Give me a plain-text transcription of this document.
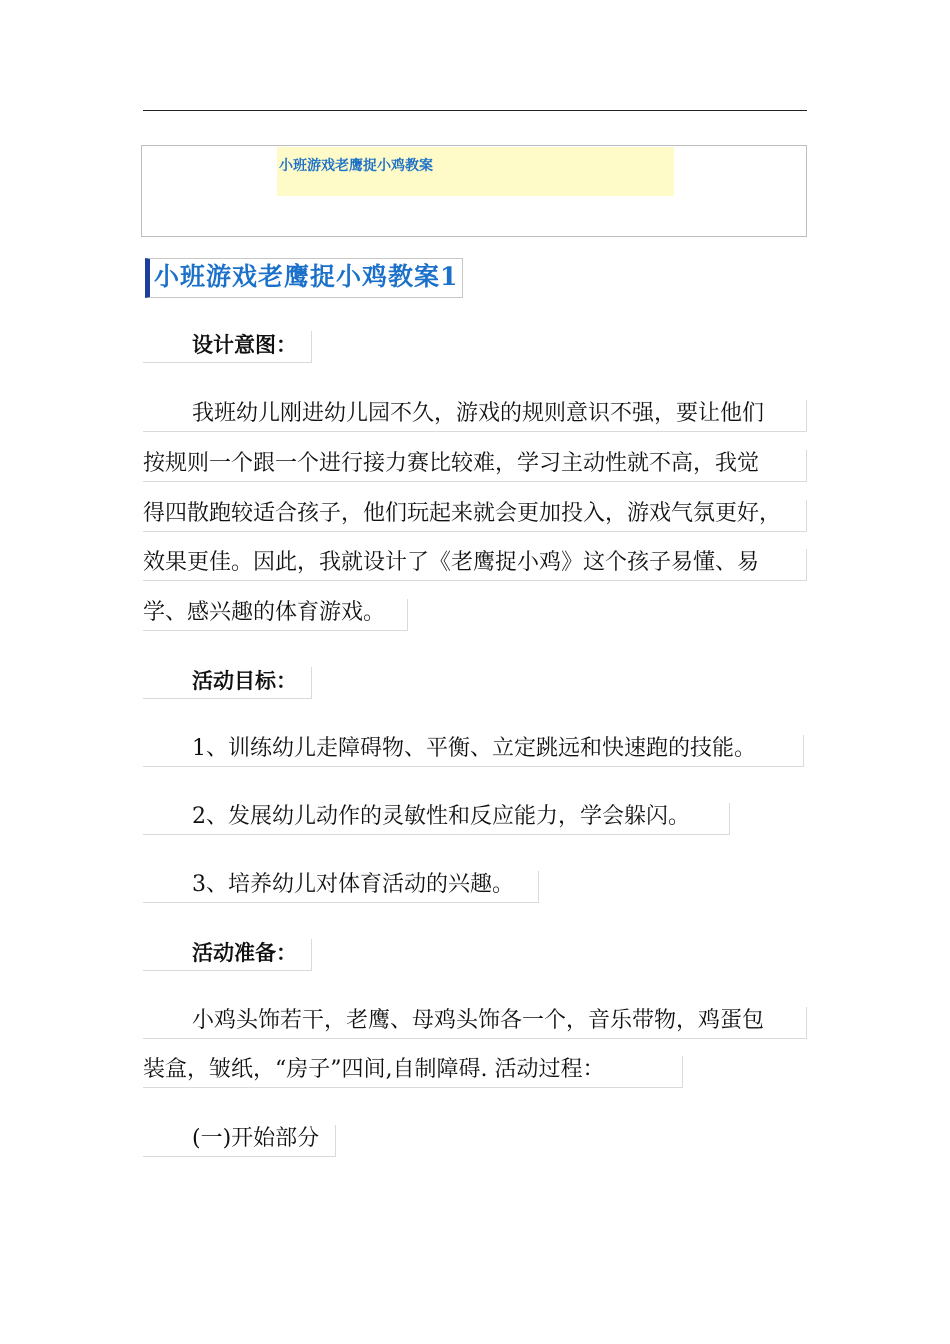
小班游戏老鹰捉小鸡教案
小班游戏老鹰捉小鸡教案1
设计意图：
我班幼儿刚进幼儿园不久，游戏的规则意识不强，要让他们
按规则一个跟一个进行接力赛比较难，学习主动性就不高，我觉
得四散跑较适合孩子，他们玩起来就会更加投入，游戏气氛更好，
效果更佳。因此，我就设计了《老鹰捉小鸡》这个孩子易懂、易
学、感兴趣的体育游戏。
活动目标：
1、训练幼儿走障碍物、平衡、立定跳远和快速跑的技能。
2、发展幼儿动作的灵敏性和反应能力，学会躲闪。
3、培养幼儿对体育活动的兴趣。
活动准备：
小鸡头饰若干，老鹰、母鸡头饰各一个，音乐带物，鸡蛋包
装盒，皱纸，“房子”四间,自制障碍. 活动过程：
(一)开始部分
